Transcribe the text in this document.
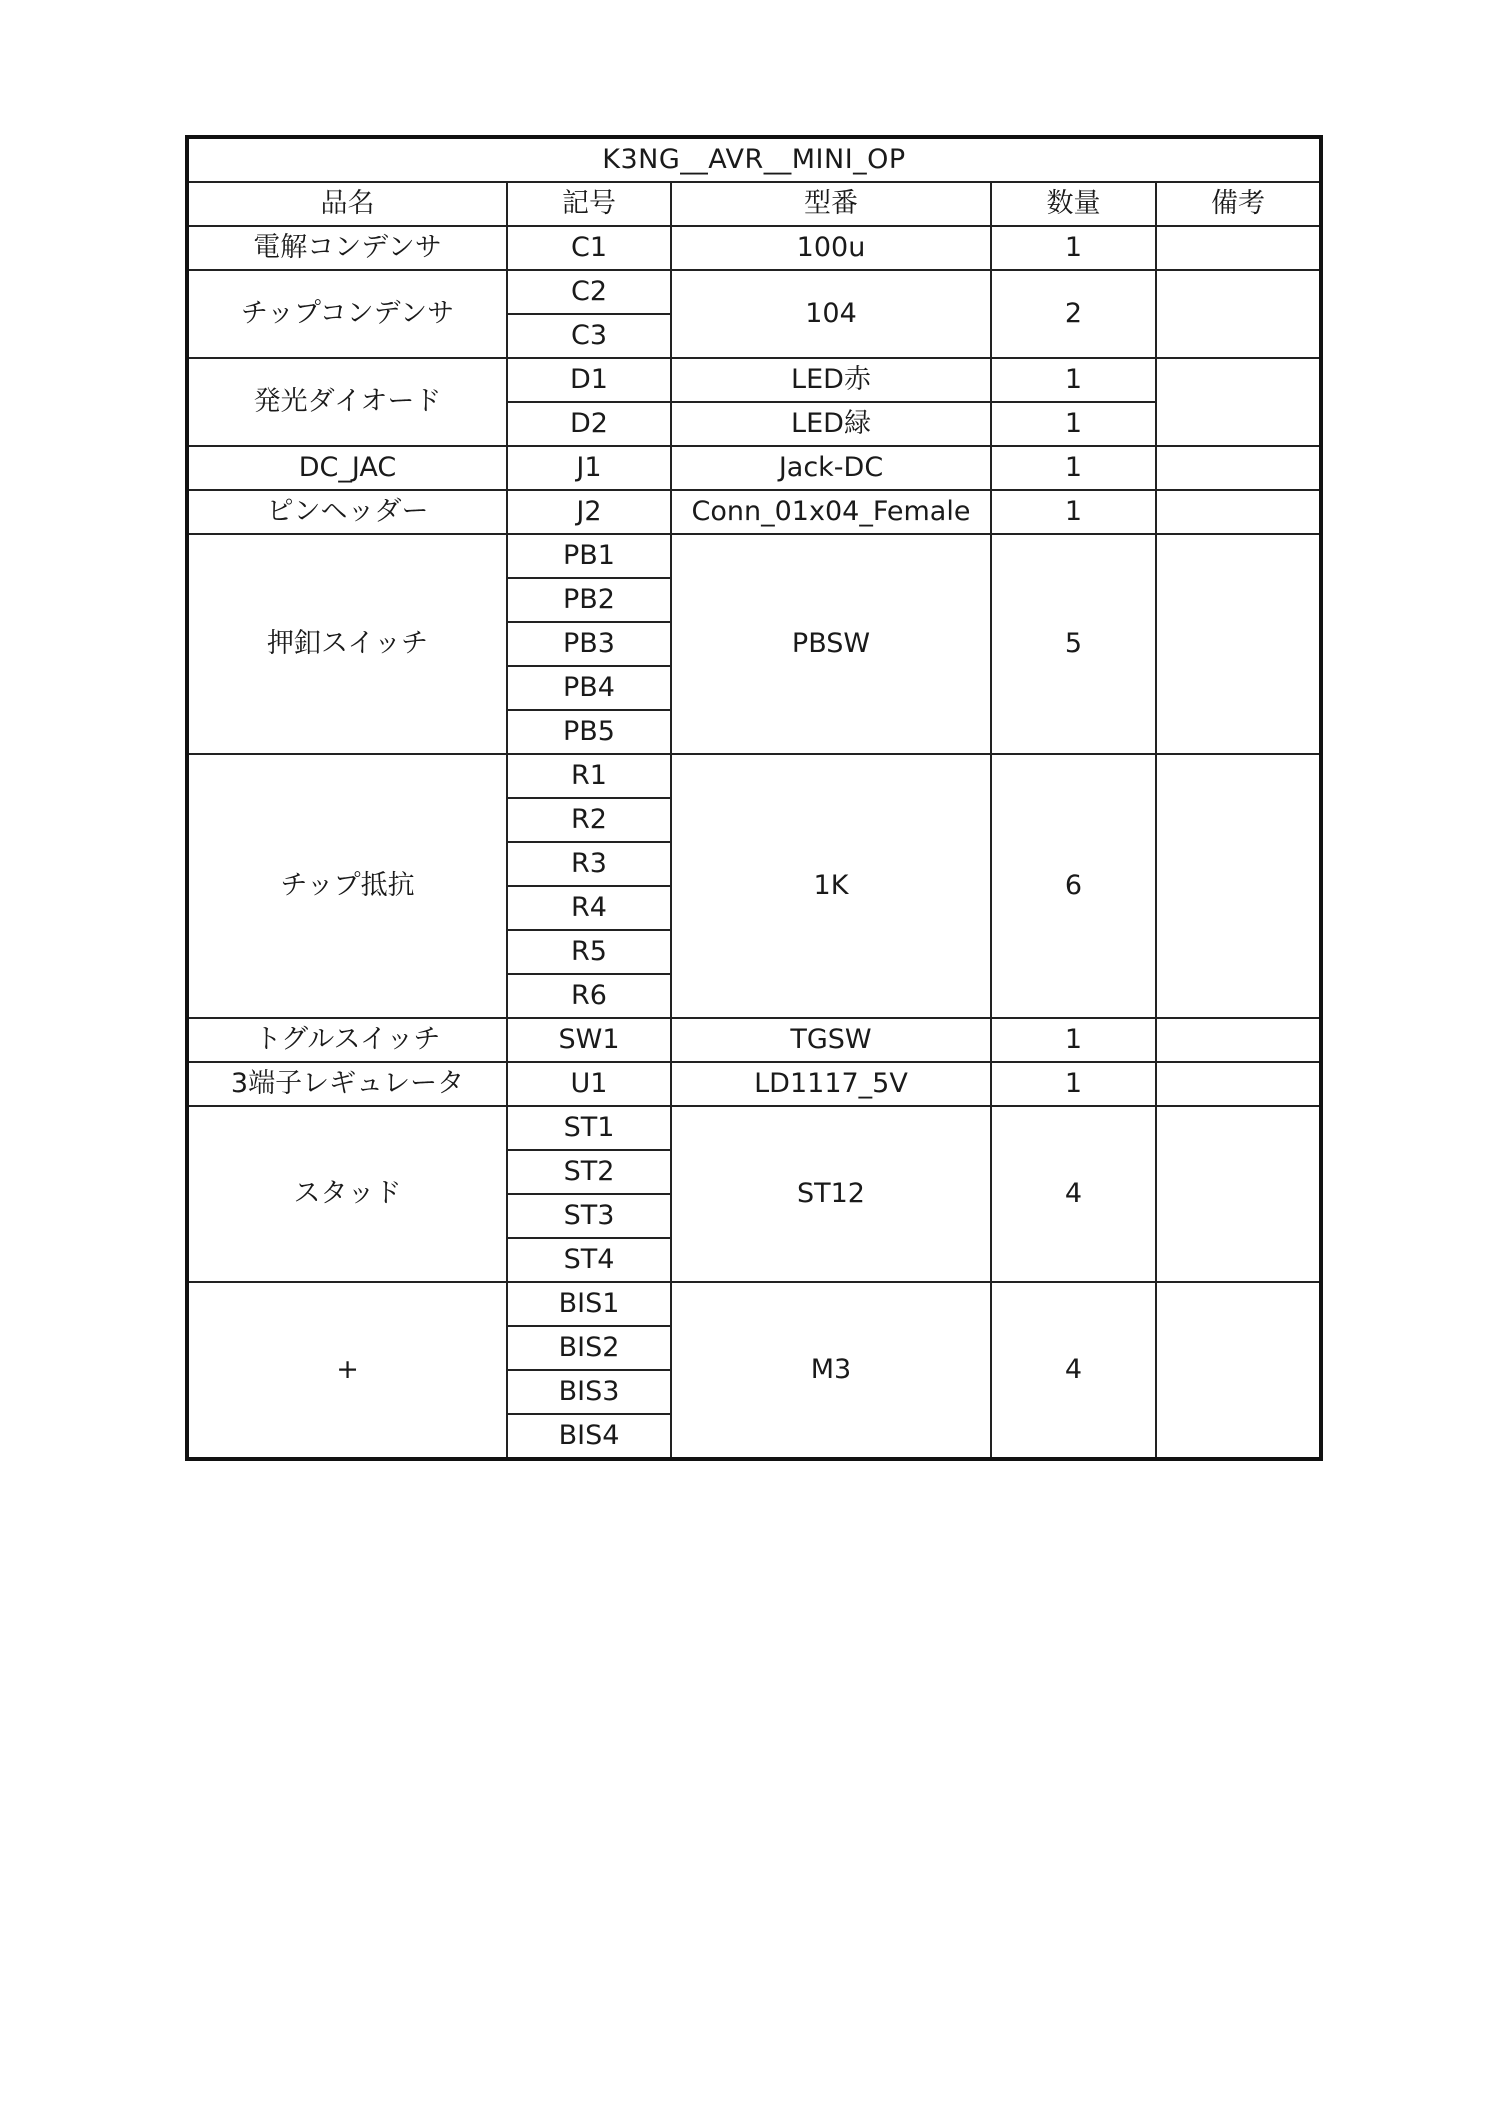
K3NG__AVR__MINI_OP				
品名	記号	型番	数量	備考
電解コンデンサ	C1	100u	1	
チップコンデンサ	C2	104	2	
	C3			
発光ダイオード	D1	LED赤	1	
	D2	LED緑	1	
DC_JAC	J1	Jack-DC	1	
ピンヘッダー	J2	Conn_01x04_Female	1	
押釦スイッチ	PB1	PBSW	5	
	PB2			
	PB3			
	PB4			
	PB5			
チップ抵抗	R1	1K	6	
	R2			
	R3			
	R4			
	R5			
	R6			
トグルスイッチ	SW1	TGSW	1	
3端子レギュレータ	U1	LD1117_5V	1	
スタッド	ST1	ST12	4	
	ST2			
	ST3			
	ST4			
+	BIS1	M3	4	
	BIS2			
	BIS3			
	BIS4			
